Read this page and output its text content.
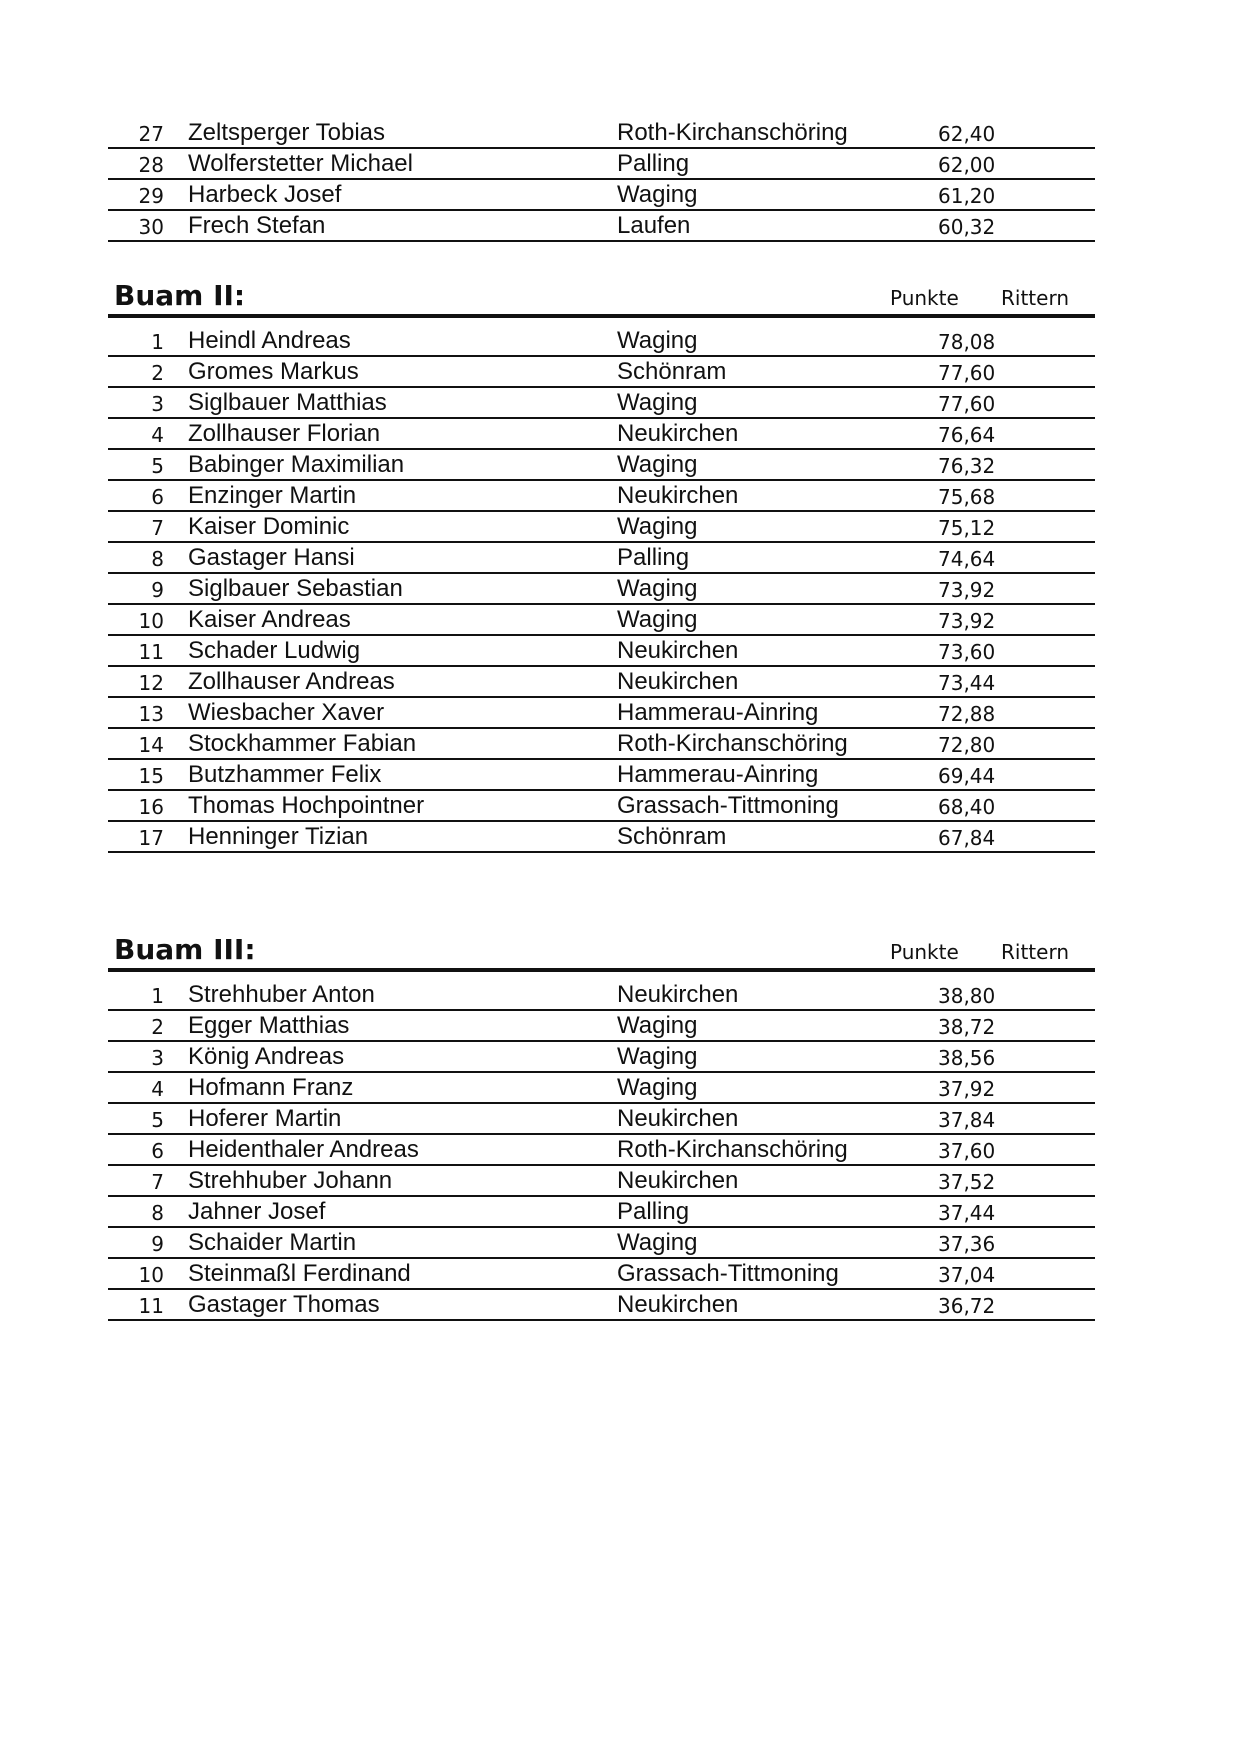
27 Zeltsperger Tobias	Roth-Kirchanschöring	62,40
28 Wolferstetter Michael	Palling	62,00
29 Harbeck Josef	Waging	61,20
30 Frech Stefan	Laufen	60,32
Buam II:	Punkte Rittern
1 Heindl Andreas	Waging	78,08
2 Gromes Markus	Schönram	77,60
3 Siglbauer Matthias	Waging	77,60
4 Zollhauser Florian	Neukirchen	76,64
5 Babinger Maximilian	Waging	76,32
6 Enzinger Martin	Neukirchen	75,68
7 Kaiser Dominic	Waging	75,12
8 Gastager Hansi	Palling	74,64
9 Siglbauer Sebastian	Waging	73,92
10 Kaiser Andreas	Waging	73,92
11 Schader Ludwig	Neukirchen	73,60
12 Zollhauser Andreas	Neukirchen	73,44
13 Wiesbacher Xaver	Hammerau-Ainring	72,88
14 Stockhammer Fabian	Roth-Kirchanschöring	72,80
15 Butzhammer Felix	Hammerau-Ainring	69,44
16 Thomas Hochpointner	Grassach-Tittmoning	68,40
17 Henninger Tizian	Schönram	67,84
Buam III:	Punkte Rittern
1 Strehhuber Anton	Neukirchen	38,80
2 Egger Matthias	Waging	38,72
3 König Andreas	Waging	38,56
4 Hofmann Franz	Waging	37,92
5 Hoferer Martin	Neukirchen	37,84
6 Heidenthaler Andreas	Roth-Kirchanschöring	37,60
7 Strehhuber Johann	Neukirchen	37,52
8 Jahner Josef	Palling	37,44
9 Schaider Martin	Waging	37,36
10 Steinmaßl Ferdinand	Grassach-Tittmoning	37,04
11 Gastager Thomas	Neukirchen	36,72
